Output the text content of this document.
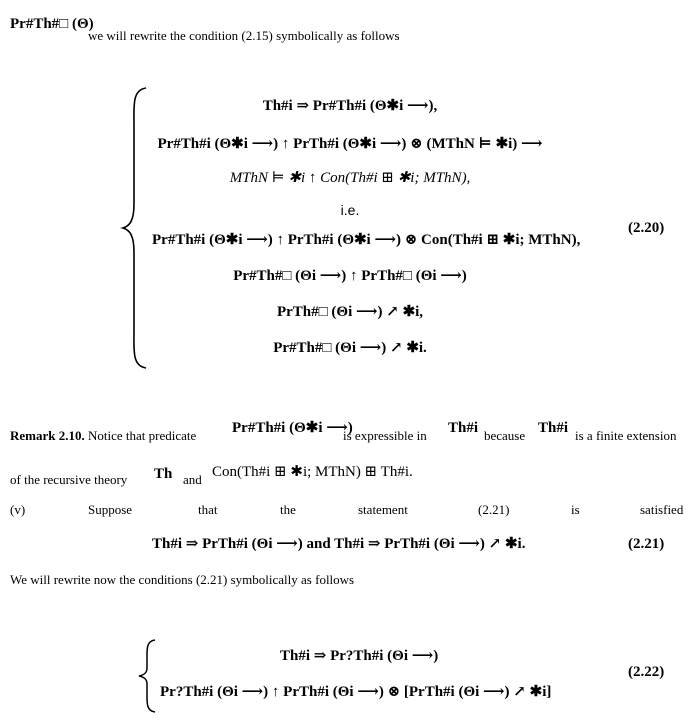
Pr#Th#□ (Θ)
we will rewrite the condition (2.15) symbolically as follows
Th#i ⇒ Pr#Th#i (Θ✱i ⟶),
Pr#Th#i (Θ✱i ⟶) ↑ PrTh#i (Θ✱i ⟶) ⊗ (MThN ⊨ ✱i) ⟶
MThN ⊨ ✱i ↑ Con(Th#i ⊞ ✱i; MThN),
i.e.
Pr#Th#i (Θ✱i ⟶) ↑ PrTh#i (Θ✱i ⟶) ⊗ Con(Th#i ⊞ ✱i; MThN),
Pr#Th#□ (Θi ⟶) ↑ PrTh#□ (Θi ⟶)
PrTh#□ (Θi ⟶) ↗ ✱i,
Pr#Th#□ (Θi ⟶) ↗ ✱i.
(2.20)
Remark 2.10. Notice that predicate Pr#Th#i (Θ✱i ⟶)
is expressible in Th#i because Th#i is a finite extension
of the recursive theory Th and Con(Th#i ⊞ ✱i; MThN) ⊞ Th#i.
(v)	Suppose	that	the	statement	(2.21)	is	satisfied
Th#i ⇒ PrTh#i (Θi ⟶) and Th#i ⇒ PrTh#i (Θi ⟶) ↗ ✱i.	(2.21)
We will rewrite now the conditions (2.21) symbolically as follows
Th#i ⇒ Pr?Th#i (Θi ⟶)
Pr?Th#i (Θi ⟶) ↑ PrTh#i (Θi ⟶) ⊗ [PrTh#i (Θi ⟶) ↗ ✱i]
(2.22)
